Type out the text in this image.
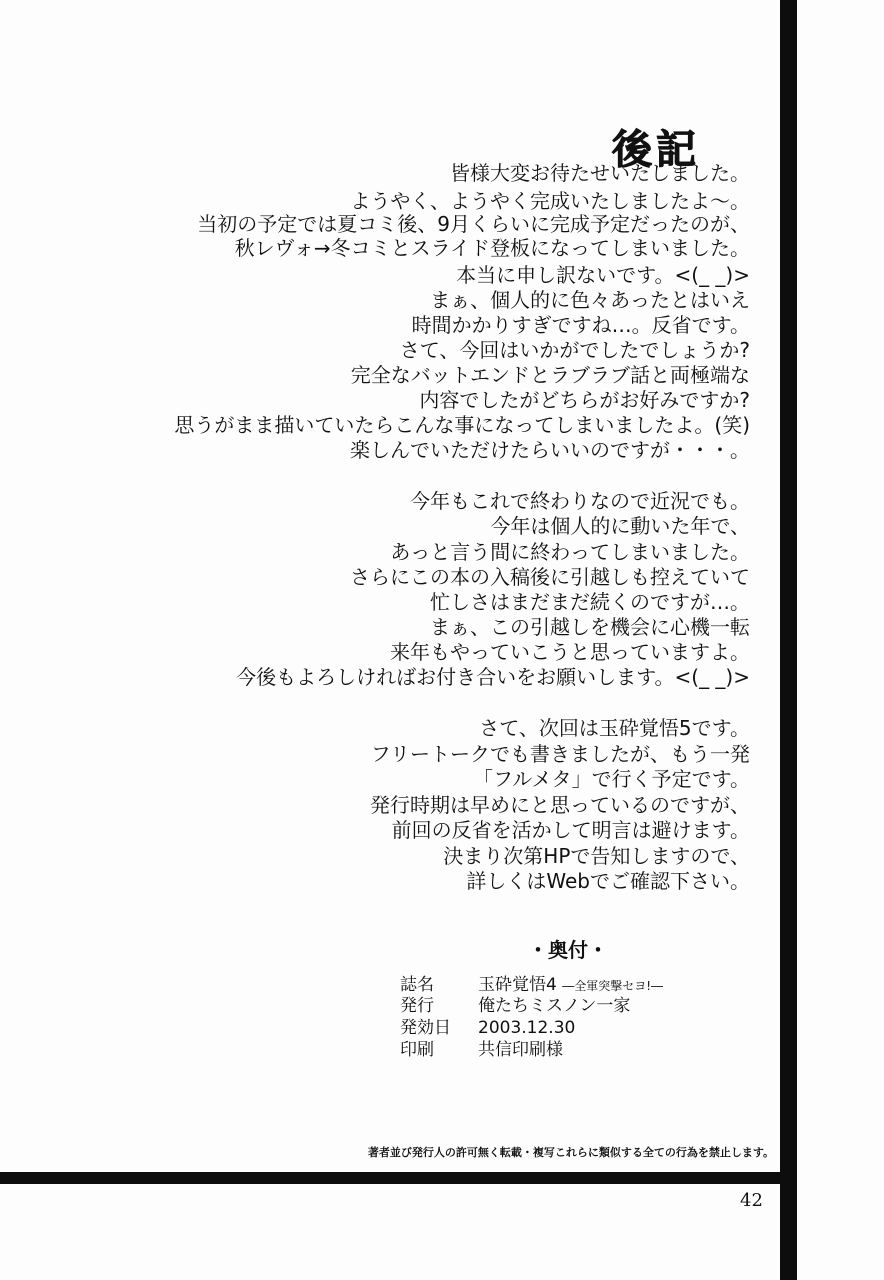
後記
皆様大変お待たせいたしました。
ようやく、ようやく完成いたしましたよ～。
当初の予定では夏コミ後、9月くらいに完成予定だったのが、
秋レヴォ→冬コミとスライド登板になってしまいました。
本当に申し訳ないです。<(_ _)>
まぁ、個人的に色々あったとはいえ
時間かかりすぎですね…。反省です。
さて、今回はいかがでしたでしょうか?
完全なバットエンドとラブラブ話と両極端な
内容でしたがどちらがお好みですか?
思うがまま描いていたらこんな事になってしまいましたよ。(笑)
楽しんでいただけたらいいのですが・・・。
今年もこれで終わりなので近況でも。
今年は個人的に動いた年で、
あっと言う間に終わってしまいました。
さらにこの本の入稿後に引越しも控えていて
忙しさはまだまだ続くのですが…。
まぁ、この引越しを機会に心機一転
来年もやっていこうと思っていますよ。
今後もよろしければお付き合いをお願いします。<(_ _)>
さて、次回は玉砕覚悟5です。
フリートークでも書きましたが、もう一発
「フルメタ」で行く予定です。
発行時期は早めにと思っているのですが、
前回の反省を活かして明言は避けます。
決まり次第HPで告知しますので、
詳しくはWebでご確認下さい。
・奥付・
誌名	玉砕覚悟4 ―全軍突撃セヨ!―
発行	俺たちミスノン一家
発効日 2003.12.30
印刷	共信印刷様
著者並び発行人の許可無く転載・複写これらに類似する全ての行為を禁止します。
42
